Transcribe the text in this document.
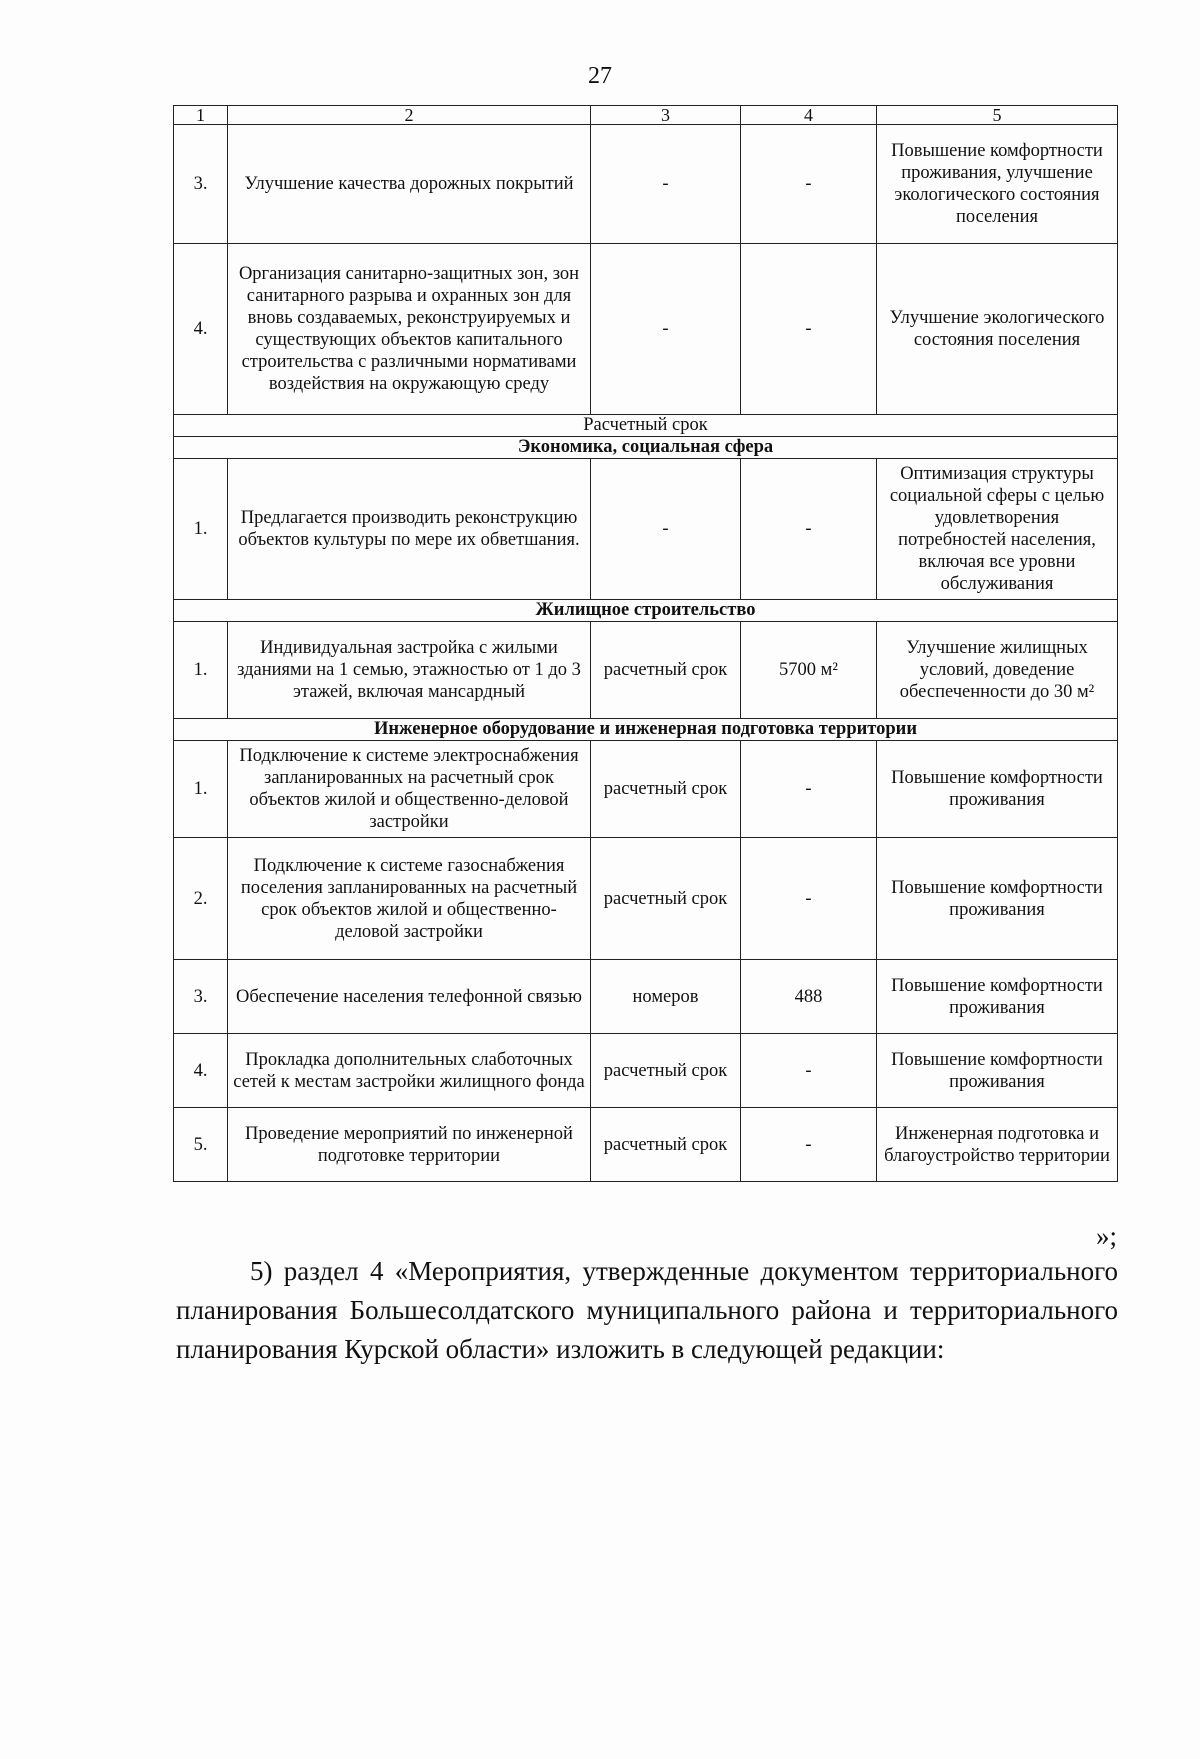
27
1	2	3	4	5
3.	Улучшение качества дорожных покрытий	-	-	Повышение комфортности проживания, улучшение экологического состояния поселения
4.	Организация санитарно-защитных зон, зон санитарного разрыва и охранных зон для вновь создаваемых, реконструируемых и существующих объектов капитального строительства с различными нормативами воздействия на окружающую среду	-	-	Улучшение экологического состояния поселения
Расчетный срок				
Экономика, социальная сфера				
1.	Предлагается производить реконструкцию объектов культуры по мере их обветшания.	-	-	Оптимизация структуры социальной сферы с целью удовлетворения потребностей населения, включая все уровни обслуживания
Жилищное строительство				
1.	Индивидуальная застройка с жилыми зданиями на 1 семью, этажностью от 1 до 3 этажей, включая мансардный	расчетный срок	5700 м²	Улучшение жилищных условий, доведение обеспеченности до 30 м²
Инженерное оборудование и инженерная подготовка территории				
1.	Подключение к системе электроснабжения запланированных на расчетный срок объектов жилой и общественно-деловой застройки	расчетный срок	-	Повышение комфортности проживания
2.	Подключение к системе газоснабжения поселения запланированных на расчетный срок объектов жилой и общественно-деловой застройки	расчетный срок	-	Повышение комфортности проживания
3.	Обеспечение населения телефонной связью	номеров	488	Повышение комфортности проживания
4.	Прокладка дополнительных слаботочных сетей к местам застройки жилищного фонда	расчетный срок	-	Повышение комфортности проживания
5.	Проведение мероприятий по инженерной подготовке территории	расчетный срок	-	Инженерная подготовка и благоустройство территории
»;
5) раздел 4 «Мероприятия, утвержденные документом территориального планирования Большесолдатского муниципального района и территориального планирования Курской области» изложить в следующей редакции:
